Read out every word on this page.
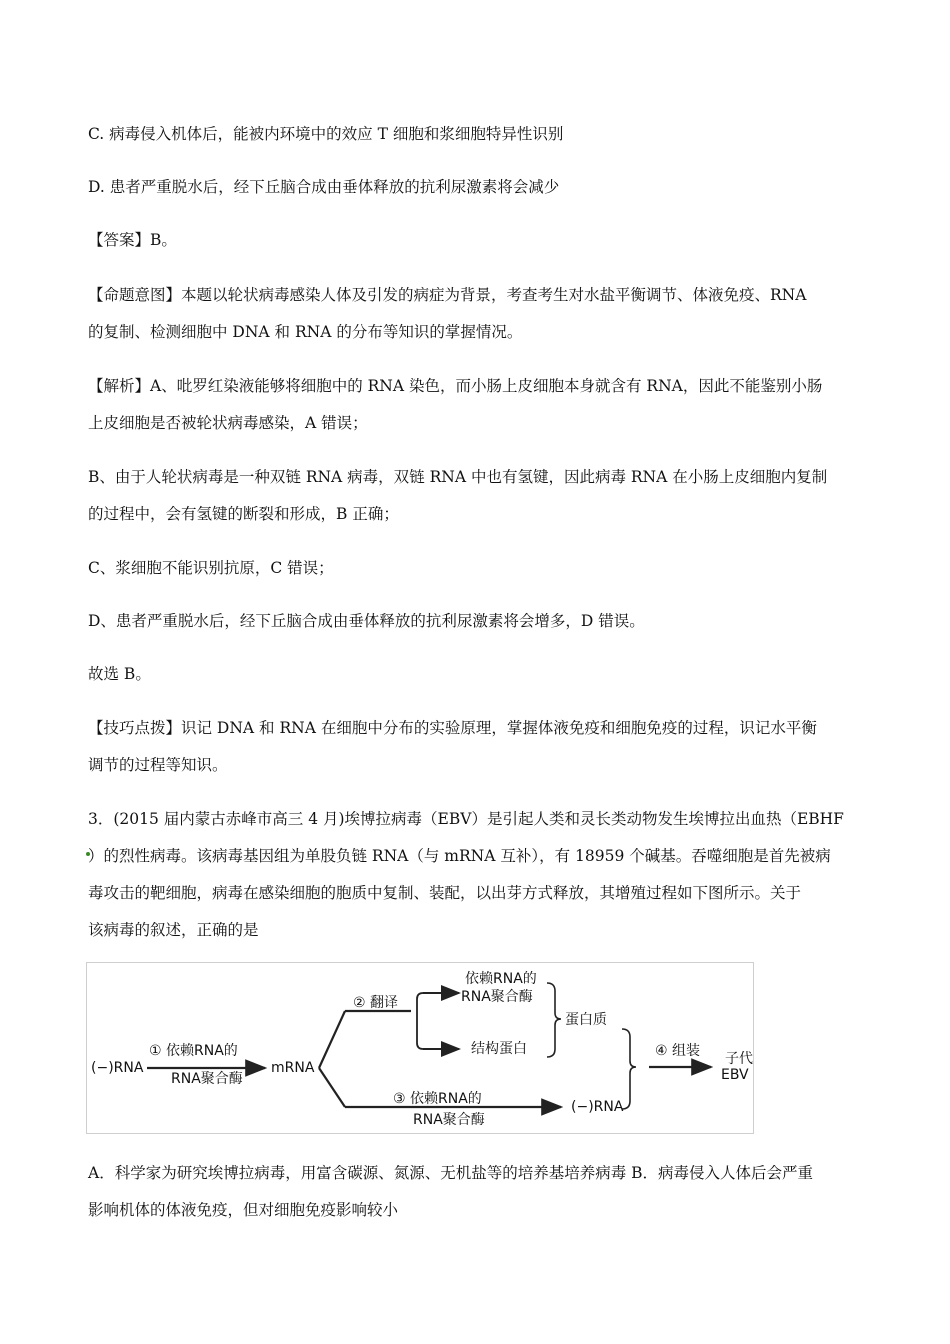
C. 病毒侵入机体后，能被内环境中的效应 T 细胞和浆细胞特异性识别
D. 患者严重脱水后，经下丘脑合成由垂体释放的抗利尿激素将会减少
【答案】B。
【命题意图】本题以轮状病毒感染人体及引发的病症为背景，考查考生对水盐平衡调节、体液免疫、RNA
的复制、检测细胞中 DNA 和 RNA 的分布等知识的掌握情况。
【解析】A、吡罗红染液能够将细胞中的 RNA 染色，而小肠上皮细胞本身就含有 RNA，因此不能鉴别小肠
上皮细胞是否被轮状病毒感染，A 错误；
B、由于人轮状病毒是一种双链 RNA 病毒，双链 RNA 中也有氢键，因此病毒 RNA 在小肠上皮细胞内复制
的过程中，会有氢键的断裂和形成，B 正确；
C、浆细胞不能识别抗原，C 错误；
D、患者严重脱水后，经下丘脑合成由垂体释放的抗利尿激素将会增多，D 错误。
故选 B。
【技巧点拨】识记 DNA 和 RNA 在细胞中分布的实验原理，掌握体液免疫和细胞免疫的过程，识记水平衡
调节的过程等知识。
3．(2015 届内蒙古赤峰市高三 4 月)埃博拉病毒（EBV）是引起人类和灵长类动物发生埃博拉出血热（EBHF
）的烈性病毒。该病毒基因组为单股负链 RNA（与 mRNA 互补），有 18959 个碱基。吞噬细胞是首先被病
毒攻击的靶细胞，病毒在感染细胞的胞质中复制、装配，以出芽方式释放，其增殖过程如下图所示。关于
该病毒的叙述，正确的是
(−)RNA
① 依赖RNA的
RNA聚合酶
mRNA
② 翻译
依赖RNA的
RNA聚合酶
结构蛋白
蛋白质
③ 依赖RNA的
RNA聚合酶
(−)RNA
④ 组装 子代
EBV
A．科学家为研究埃博拉病毒，用富含碳源、氮源、无机盐等的培养基培养病毒 B．病毒侵入人体后会严重
影响机体的体液免疫，但对细胞免疫影响较小
